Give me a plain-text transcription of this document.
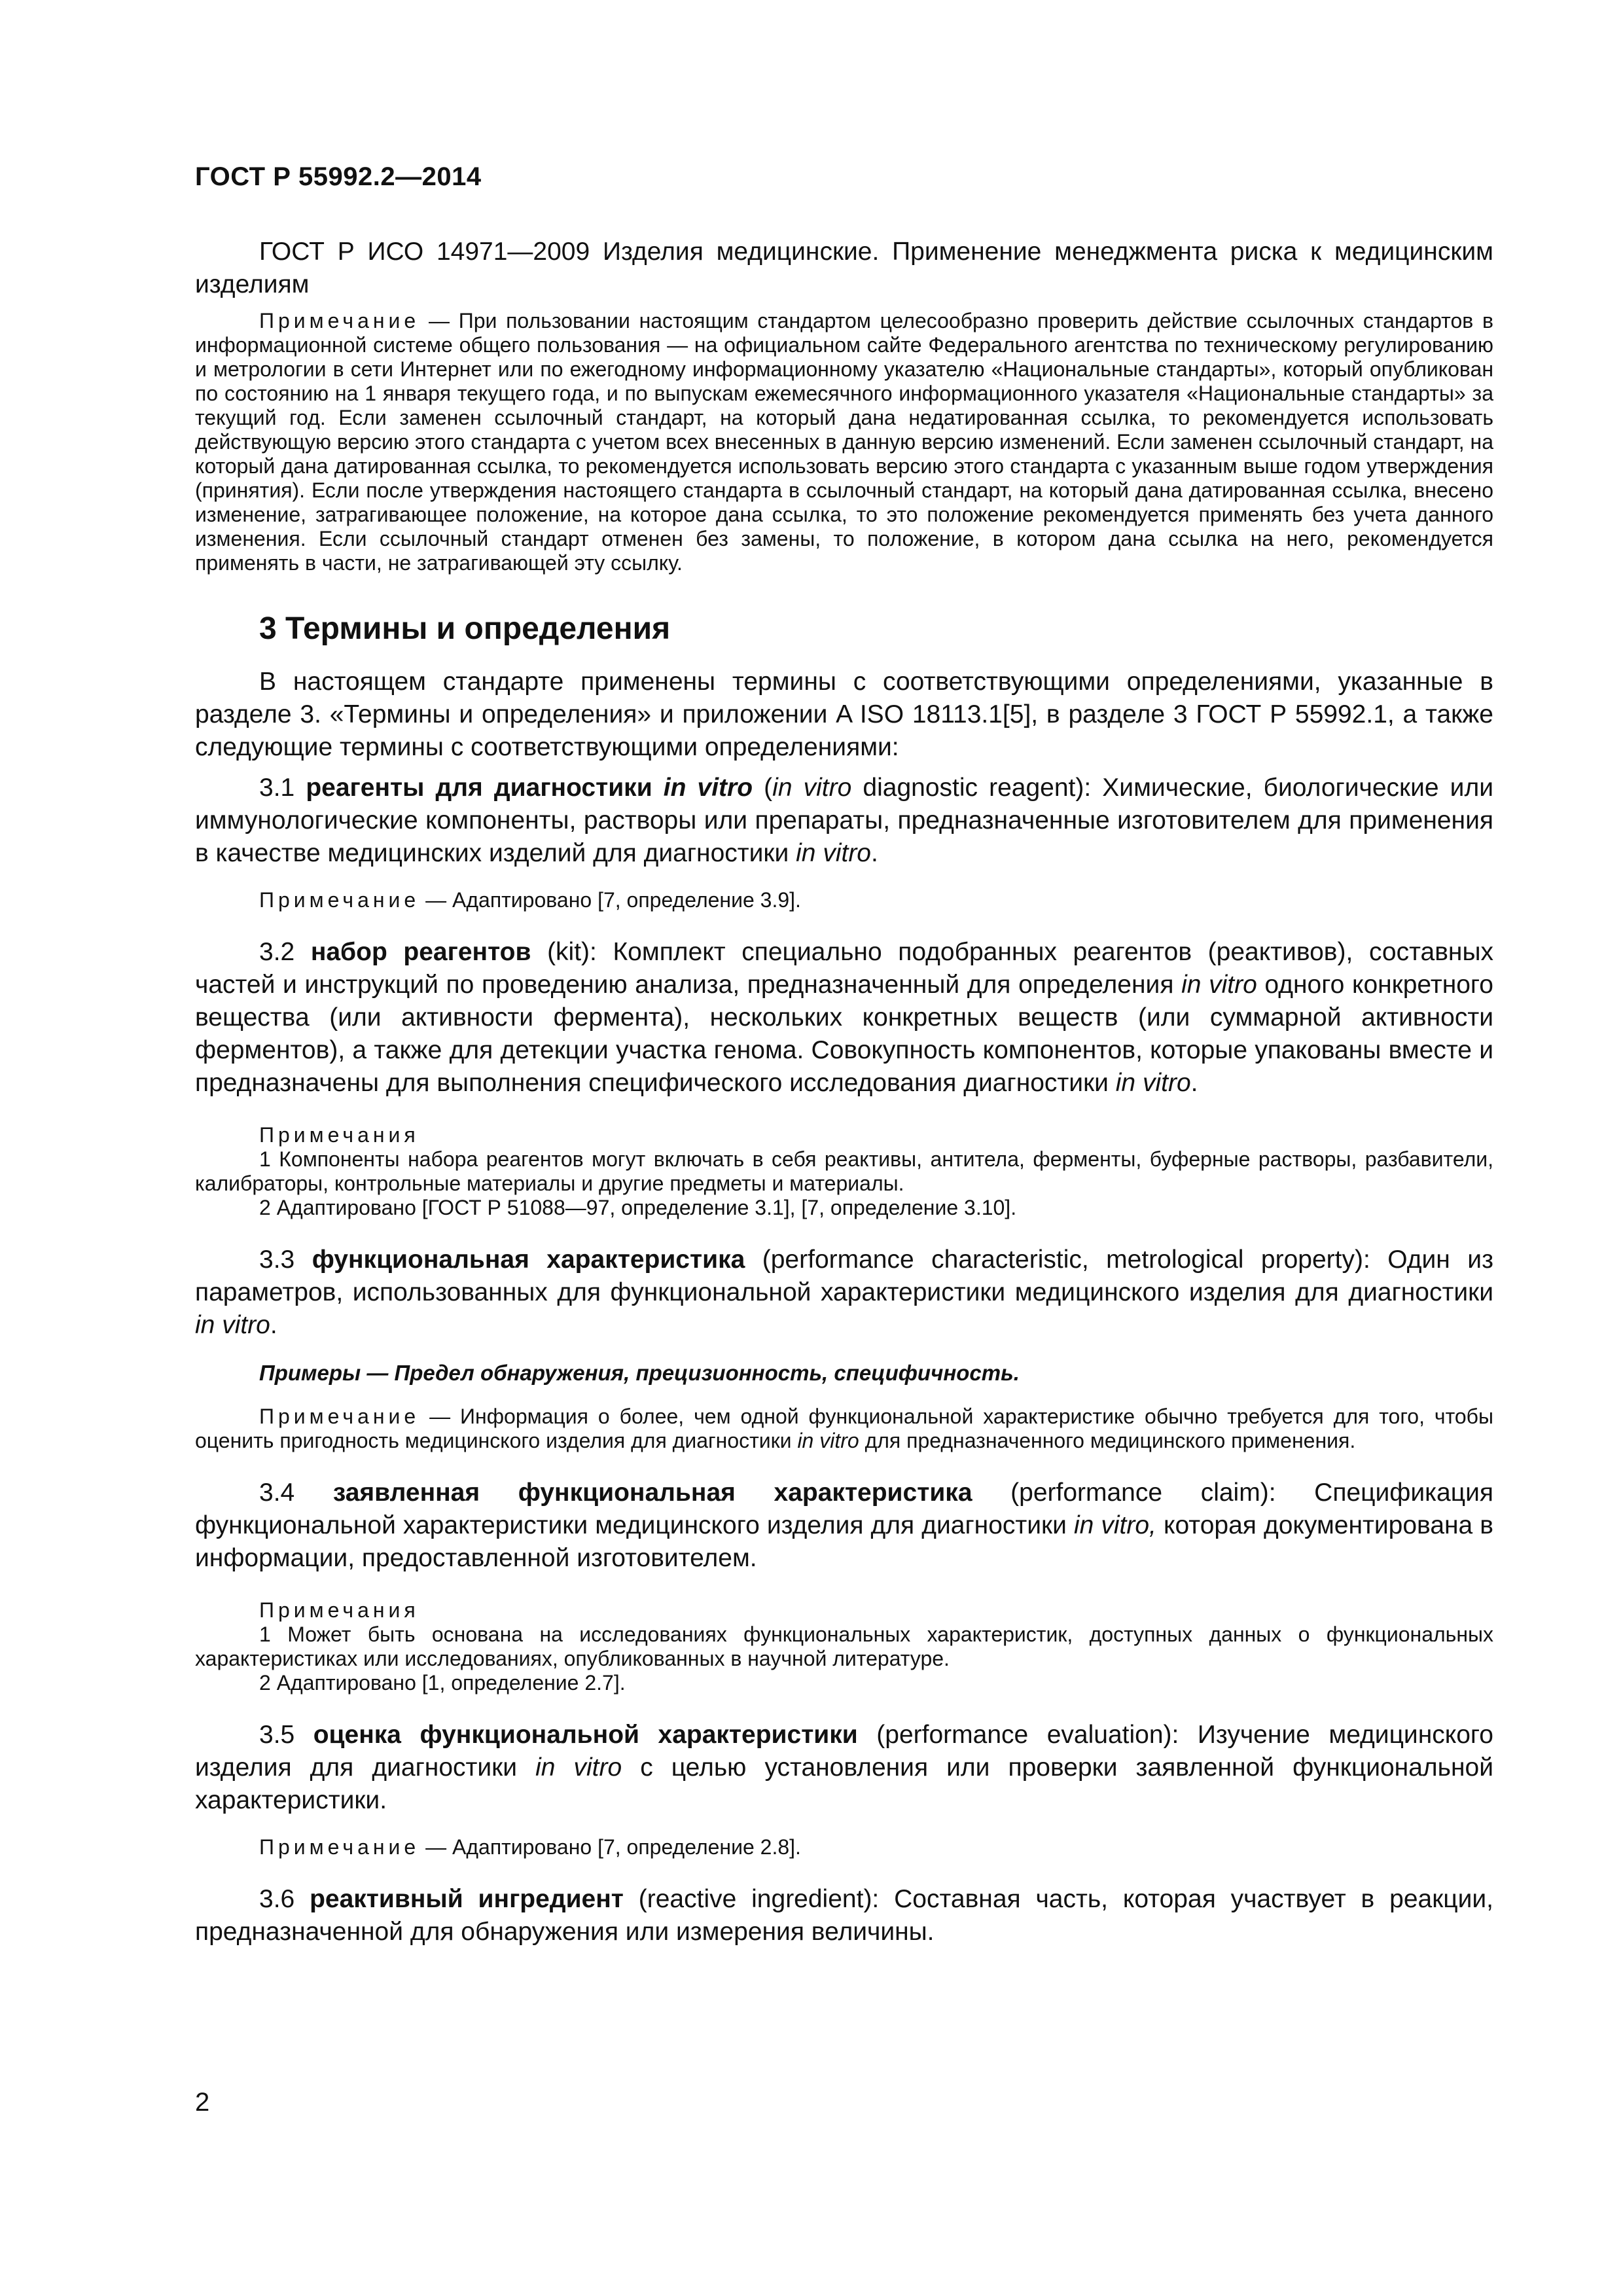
ГОСТ Р 55992.2—2014

ГОСТ Р ИСО 14971—2009 Изделия медицинские. Применение менеджмента риска к медицинским изделиям

Примечание — При пользовании настоящим стандартом целесообразно проверить действие ссылочных стандартов в информационной системе общего пользования — на официальном сайте Федерального агентства по техническому регулированию и метрологии в сети Интернет или по ежегодному информационному указателю «Национальные стандарты», который опубликован по состоянию на 1 января текущего года, и по выпускам ежемесячного информационного указателя «Национальные стандарты» за текущий год. Если заменен ссылочный стандарт, на который дана недатированная ссылка, то рекомендуется использовать действующую версию этого стандарта с учетом всех внесенных в данную версию изменений. Если заменен ссылочный стандарт, на который дана датированная ссылка, то рекомендуется использовать версию этого стандарта с указанным выше годом утверждения (принятия). Если после утверждения настоящего стандарта в ссылочный стандарт, на который дана датированная ссылка, внесено изменение, затрагивающее положение, на которое дана ссылка, то это положение рекомендуется применять без учета данного изменения. Если ссылочный стандарт отменен без замены, то положение, в котором дана ссылка на него, рекомендуется применять в части, не затрагивающей эту ссылку.

3 Термины и определения

В настоящем стандарте применены термины с соответствующими определениями, указанные в разделе 3. «Термины и определения» и приложении A ISO 18113.1[5], в разделе 3 ГОСТ Р 55992.1, а также следующие термины с соответствующими определениями:

3.1 реагенты для диагностики in vitro (in vitro diagnostic reagent): Химические, биологические или иммунологические компоненты, растворы или препараты, предназначенные изготовителем для применения в качестве медицинских изделий для диагностики in vitro.

Примечание — Адаптировано [7, определение 3.9].

3.2 набор реагентов (kit): Комплект специально подобранных реагентов (реактивов), составных частей и инструкций по проведению анализа, предназначенный для определения in vitro одного конкретного вещества (или активности фермента), нескольких конкретных веществ (или суммарной активности ферментов), а также для детекции участка генома. Совокупность компонентов, которые упакованы вместе и предназначены для выполнения специфического исследования диагностики in vitro.

Примечания

1 Компоненты набора реагентов могут включать в себя реактивы, антитела, ферменты, буферные растворы, разбавители, калибраторы, контрольные материалы и другие предметы и материалы.

2 Адаптировано [ГОСТ Р 51088—97, определение 3.1], [7, определение 3.10].

3.3 функциональная характеристика (performance characteristic, metrological property): Один из параметров, использованных для функциональной характеристики медицинского изделия для диагностики in vitro.

Примеры — Предел обнаружения, прецизионность, специфичность.

Примечание — Информация о более, чем одной функциональной характеристике обычно требуется для того, чтобы оценить пригодность медицинского изделия для диагностики in vitro для предназначенного медицинского применения.

3.4 заявленная функциональная характеристика (performance claim): Спецификация функциональной характеристики медицинского изделия для диагностики in vitro, которая документирована в информации, предоставленной изготовителем.

Примечания

1 Может быть основана на исследованиях функциональных характеристик, доступных данных о функциональных характеристиках или исследованиях, опубликованных в научной литературе.

2 Адаптировано [1, определение 2.7].

3.5 оценка функциональной характеристики (performance evaluation): Изучение медицинского изделия для диагностики in vitro с целью установления или проверки заявленной функциональной характеристики.

Примечание — Адаптировано [7, определение 2.8].

3.6 реактивный ингредиент (reactive ingredient): Составная часть, которая участвует в реакции, предназначенной для обнаружения или измерения величины.

2
